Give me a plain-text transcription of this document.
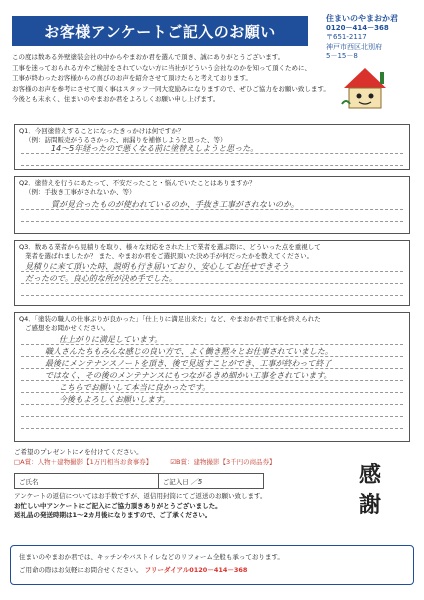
お客様アンケートご記入のお願い
住まいのやまおか君
0120－414－368
〒651-2117
神戸市西区北別府
5－15－8
この度は数ある外壁塗装会社の中からやまおか君を選んで頂き、誠にありがとうございます。
工事を迷っておられる方やご検討をされていない方に当社がどういう会社なのかを知って頂くために、
工事が終わったお客様からの喜びのお声を紹介させて頂けたらと考えております。
お客様のお声を参考にさせて頂く事はスタッフ一同大変励みになりますので、ぜひご協力をお願い致します。
今後とも末永く、住まいのやまおか君をよろしくお願い申し上げます。
Q1．今回塗替えすることになったきっかけは何ですか？
（例：訪問販売がうるさかった、雨漏りを補修しようと思った、等）
14～5年経ったので悪くなる前に塗替えしようと思った。
Q2．塗替えを行うにあたって、不安だったこと・悩んでいたことはありますか？
（例：手抜き工事がされないか、等）
質が見合ったものが使われているのか、手抜き工事がされないのか。
Q3．数ある業者から見積りを取り、様々な対応をされた上で業者を選ぶ際に、どういった点を重視して
業者を選ばれましたか？ また、やまおか君をご選択頂いた決め手が何だったかを教えてください。
見積りに来て頂いた時、説明も行き届いており、安心してお任せできそう
だったので。良心的な所が決め手でした。
Q4．「塗装の職人の仕事ぶりが良かった」「仕上りに満足出来た」など、やまおか君で工事を終えられた
ご感想をお聞かせください。
仕上がりに満足しています。
職人さんたちもみんな感じの良い方で、よく働き黙々とお仕事されていました。
最後にメンテナンスノートを頂き、後で見返すことができ、工事が終わって終了
ではなく、その後のメンテナンスにもつながるきめ細かい工事をされています。
こちらでお願いして本当に良かったです。
今後もよろしくお願いします。
ご希望のプレゼントに✓を付けてください。
□A賞：人物＋建物撮影【1万円相当お食事券】	☑B賞：建物撮影【3千円の商品券】
ご氏名	ご記入日 ／5
アンケートの返信についてはお手数ですが、返信用封筒にてご返送のお願い致します。
お忙しい中アンケートにご記入にご協力頂きありがとうございました。
返礼品の発送時期は1～2カ月後になりますので、ご了承ください。
感
謝
住まいのやまおか君では、キッチンやバストイレなどのリフォーム全般も承っております。
ご用命の際はお気軽にお問合せください。 フリーダイアル0120－414－368
